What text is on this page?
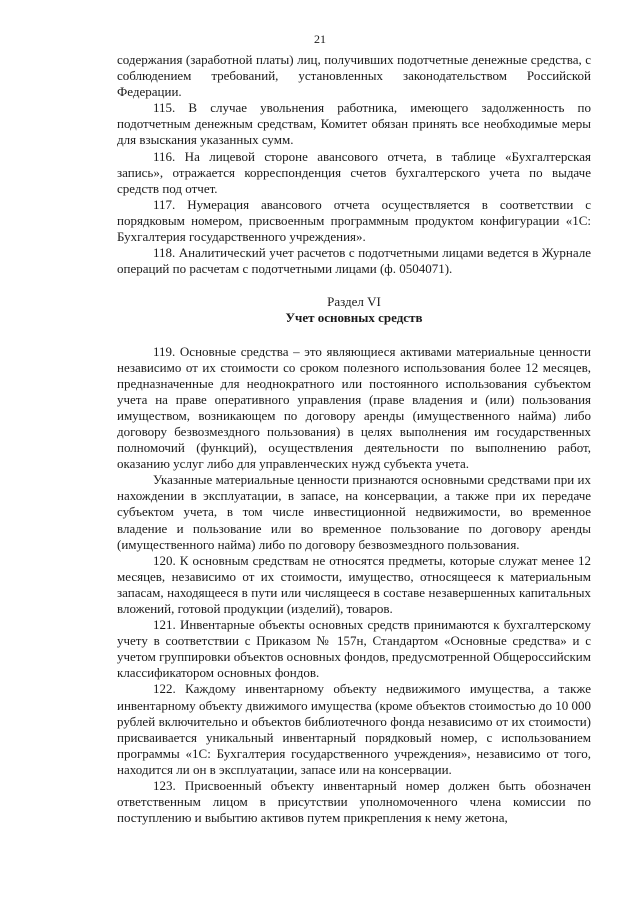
21

содержания (заработной платы) лиц, получивших подотчетные денежные средства, с соблюдением требований, установленных законодательством Российской Федерации.

115. В случае увольнения работника, имеющего задолженность по подотчетным денежным средствам, Комитет обязан принять все необходимые меры для взыскания указанных сумм.

116. На лицевой стороне авансового отчета, в таблице «Бухгалтерская запись», отражается корреспонденция счетов бухгалтерского учета по выдаче средств под отчет.

117. Нумерация авансового отчета осуществляется в соответствии с порядковым номером, присвоенным программным продуктом конфигурации «1С: Бухгалтерия государственного учреждения».

118. Аналитический учет расчетов с подотчетными лицами ведется в Журнале операций по расчетам с подотчетными лицами (ф. 0504071).

Раздел VI

Учет основных средств

119. Основные средства – это являющиеся активами материальные ценности независимо от их стоимости со сроком полезного использования более 12 месяцев, предназначенные для неоднократного или постоянного использования субъектом учета на праве оперативного управления (праве владения и (или) пользования имуществом, возникающем по договору аренды (имущественного найма) либо договору безвозмездного пользования) в целях выполнения им государственных полномочий (функций), осуществления деятельности по выполнению работ, оказанию услуг либо для управленческих нужд субъекта учета.

Указанные материальные ценности признаются основными средствами при их нахождении в эксплуатации, в запасе, на консервации, а также при их передаче субъектом учета, в том числе инвестиционной недвижимости, во временное владение и пользование или во временное пользование по договору аренды (имущественного найма) либо по договору безвозмездного пользования.

120. К основным средствам не относятся предметы, которые служат менее 12 месяцев, независимо от их стоимости, имущество, относящееся к материальным запасам, находящееся в пути или числящееся в составе незавершенных капитальных вложений, готовой продукции (изделий), товаров.

121. Инвентарные объекты основных средств принимаются к бухгалтерскому учету в соответствии с Приказом № 157н, Стандартом «Основные средства» и с учетом группировки объектов основных фондов, предусмотренной Общероссийским классификатором основных фондов.

122. Каждому инвентарному объекту недвижимого имущества, а также инвентарному объекту движимого имущества (кроме объектов стоимостью до 10 000 рублей включительно и объектов библиотечного фонда независимо от их стоимости) присваивается уникальный инвентарный порядковый номер, с использованием программы «1С: Бухгалтерия государственного учреждения», независимо от того, находится ли он в эксплуатации, запасе или на консервации.

123. Присвоенный объекту инвентарный номер должен быть обозначен ответственным лицом в присутствии уполномоченного члена комиссии по поступлению и выбытию активов путем прикрепления к нему жетона,
